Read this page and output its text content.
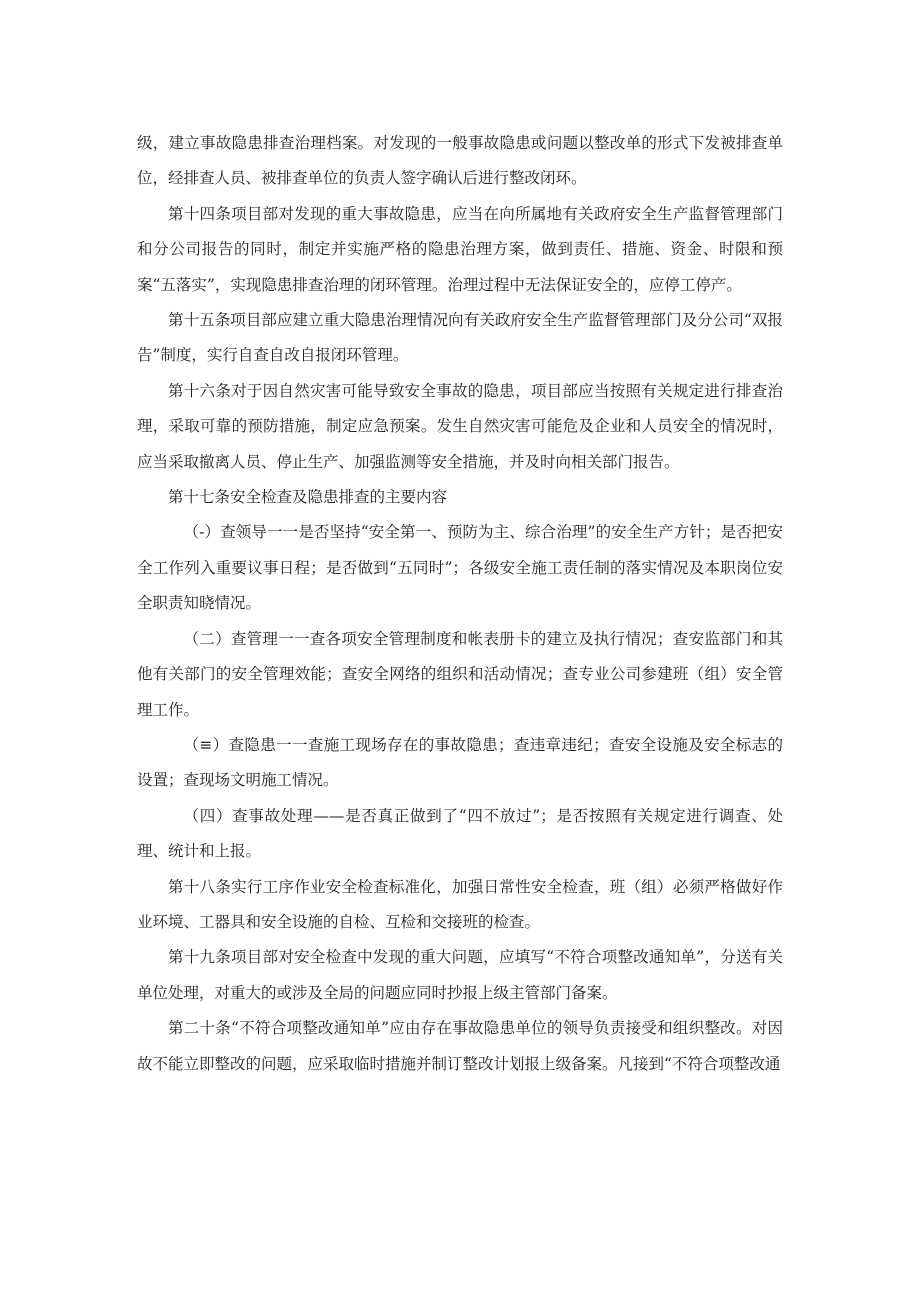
级，建立事故隐患排查治理档案。对发现的一般事故隐患或问题以整改单的形式下发被排查单位，经排查人员、被排查单位的负责人签字确认后进行整改闭环。

第十四条项目部对发现的重大事故隐患，应当在向所属地有关政府安全生产监督管理部门和分公司报告的同时，制定并实施严格的隐患治理方案，做到责任、措施、资金、时限和预案“五落实”，实现隐患排查治理的闭环管理。治理过程中无法保证安全的，应停工停产。

第十五条项目部应建立重大隐患治理情况向有关政府安全生产监督管理部门及分公司“双报告”制度，实行自查自改自报闭环管理。

第十六条对于因自然灾害可能导致安全事故的隐患，项目部应当按照有关规定进行排查治理，采取可靠的预防措施，制定应急预案。发生自然灾害可能危及企业和人员安全的情况时，应当采取撤离人员、停止生产、加强监测等安全措施，并及时向相关部门报告。

第十七条安全检查及隐患排查的主要内容

（-）查领导一一是否坚持“安全第一、预防为主、综合治理”的安全生产方针；是否把安全工作列入重要议事日程；是否做到“五同时”；各级安全施工责任制的落实情况及本职岗位安全职责知晓情况。

（二）查管理一一查各项安全管理制度和帐表册卡的建立及执行情况；查安监部门和其他有关部门的安全管理效能；查安全网络的组织和活动情况；查专业公司参建班（组）安全管理工作。

（≡）查隐患一一查施工现场存在的事故隐患；查违章违纪；查安全设施及安全标志的设置；查现场文明施工情况。

（四）查事故处理——是否真正做到了“四不放过”；是否按照有关规定进行调查、处理、统计和上报。

第十八条实行工序作业安全检查标准化，加强日常性安全检查，班（组）必须严格做好作业环境、工器具和安全设施的自检、互检和交接班的检查。

第十九条项目部对安全检查中发现的重大问题，应填写“不符合项整改通知单”，分送有关单位处理，对重大的或涉及全局的问题应同时抄报上级主管部门备案。

第二十条“不符合项整改通知单”应由存在事故隐患单位的领导负责接受和组织整改。对因故不能立即整改的问题，应采取临时措施并制订整改计划报上级备案。凡接到“不符合项整改通
